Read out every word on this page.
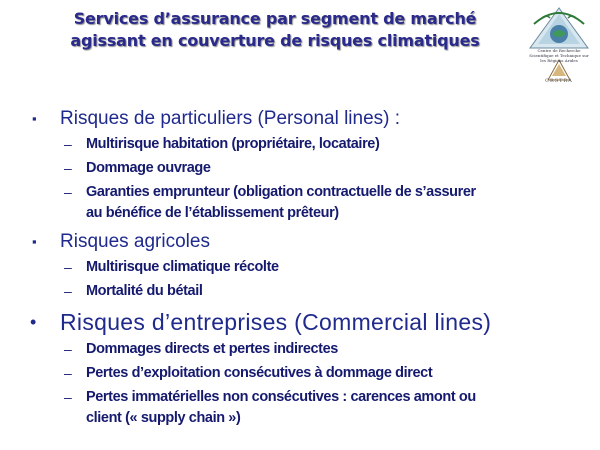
Services d’assurance par segment de marché
agissant en couverture de risques climatiques
Centre de Recherche Scientifique et Technique sur les Régions Arides
CRSTRA
▪ Risques de particuliers (Personal lines) :
– Multirisque habitation (propriétaire, locataire)
– Dommage ouvrage
– Garanties emprunteur (obligation contractuelle de s’assurer
au bénéfice de l’établissement prêteur)
▪ Risques agricoles
– Multirisque climatique récolte
– Mortalité du bétail
• Risques d’entreprises (Commercial lines)
– Dommages directs et pertes indirectes
– Pertes d’exploitation consécutives à dommage direct
– Pertes immatérielles non consécutives : carences amont ou
client (« supply chain »)
